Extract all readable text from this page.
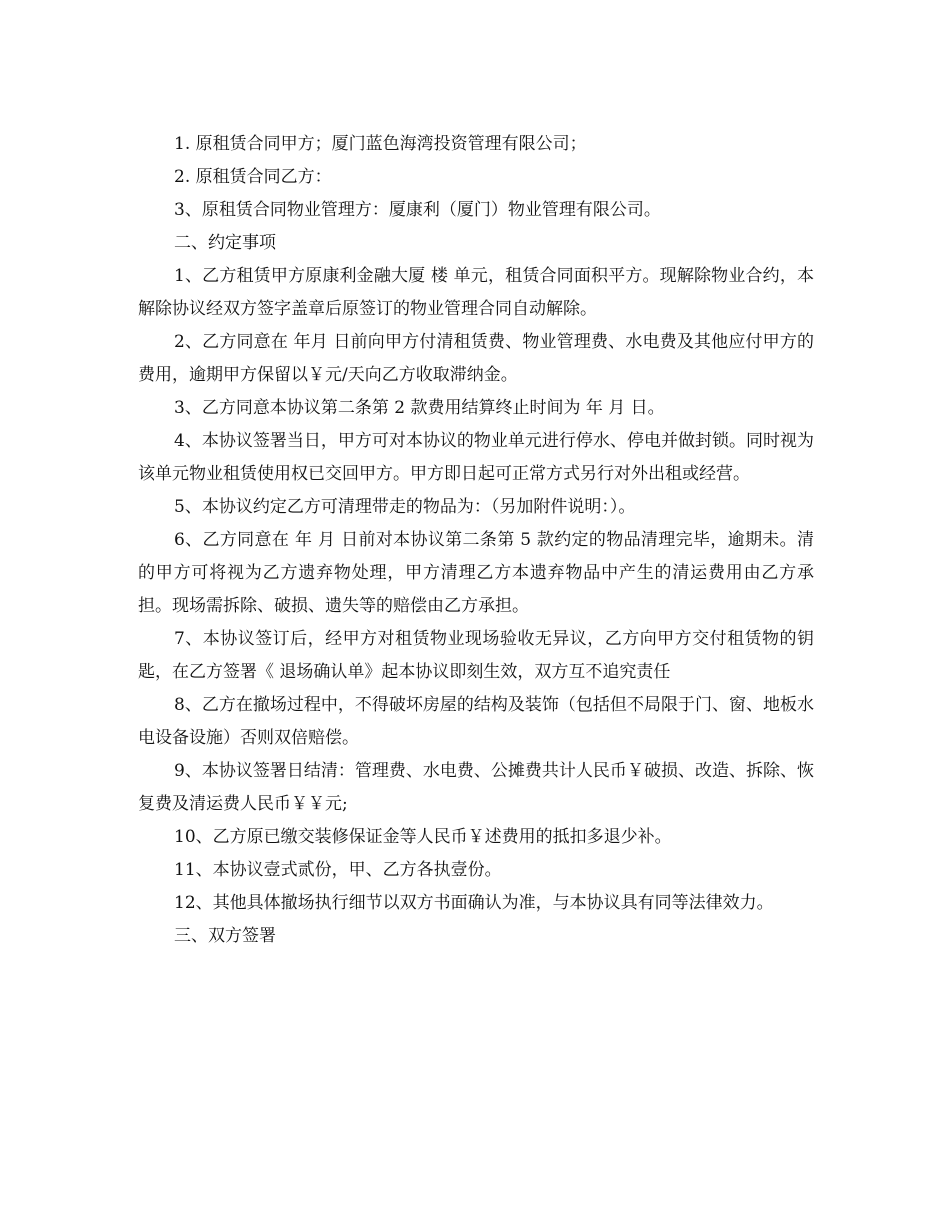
1. 原租赁合同甲方；厦门蓝色海湾投资管理有限公司；

2. 原租赁合同乙方：

3、原租赁合同物业管理方：厦康利（厦门）物业管理有限公司。

二、约定事项

1、乙方租赁甲方原康利金融大厦 楼 单元，租赁合同面积平方。现解除物业合约，本解除协议经双方签字盖章后原签订的物业管理合同自动解除。

2、乙方同意在 年月 日前向甲方付清租赁费、物业管理费、水电费及其他应付甲方的费用，逾期甲方保留以￥元/天向乙方收取滞纳金。

3、乙方同意本协议第二条第 2 款费用结算终止时间为 年 月 日。

4、本协议签署当日，甲方可对本协议的物业单元进行停水、停电并做封锁。同时视为该单元物业租赁使用权已交回甲方。甲方即日起可正常方式另行对外出租或经营。

5、本协议约定乙方可清理带走的物品为：（另加附件说明：）。

6、乙方同意在 年 月 日前对本协议第二条第 5 款约定的物品清理完毕，逾期未。清的甲方可将视为乙方遗弃物处理，甲方清理乙方本遗弃物品中产生的清运费用由乙方承担。现场需拆除、破损、遗失等的赔偿由乙方承担。

7、本协议签订后，经甲方对租赁物业现场验收无异议，乙方向甲方交付租赁物的钥匙，在乙方签署《 退场确认单》起本协议即刻生效，双方互不追究责任

8、乙方在撤场过程中，不得破坏房屋的结构及装饰（包括但不局限于门、窗、地板水电设备设施）否则双倍赔偿。

9、本协议签署日结清：管理费、水电费、公摊费共计人民币￥破损、改造、拆除、恢复费及清运费人民币￥￥元;

10、乙方原已缴交装修保证金等人民币￥述费用的抵扣多退少补。

11、本协议壹式贰份，甲、乙方各执壹份。

12、其他具体撤场执行细节以双方书面确认为准，与本协议具有同等法律效力。

三、双方签署
